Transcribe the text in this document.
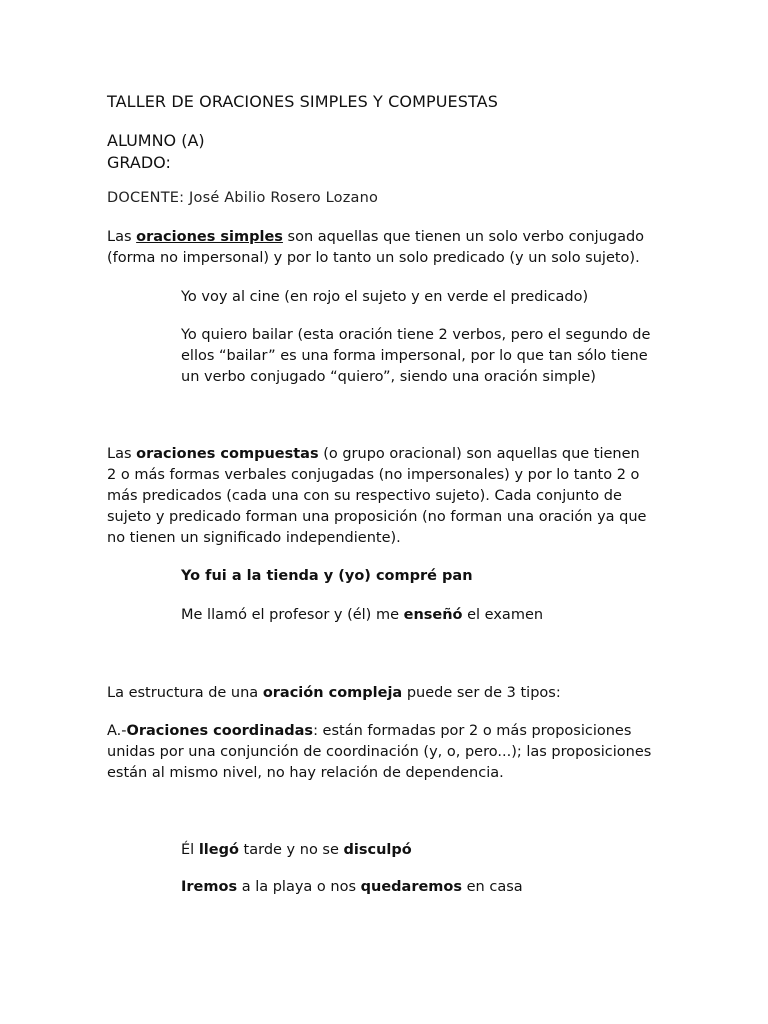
TALLER DE ORACIONES SIMPLES Y COMPUESTAS
ALUMNO (A)
GRADO:
DOCENTE: José Abilio Rosero Lozano

Las oraciones simples son aquellas que tienen un solo verbo conjugado (forma no impersonal) y por lo tanto un solo predicado (y un solo sujeto).

Yo voy al cine (en rojo el sujeto y en verde el predicado)

Yo quiero bailar (esta oración tiene 2 verbos, pero el segundo de ellos “bailar” es una forma impersonal, por lo que tan sólo tiene un verbo conjugado “quiero”, siendo una oración simple)

Las oraciones compuestas (o grupo oracional) son aquellas que tienen 2 o más formas verbales conjugadas (no impersonales) y por lo tanto 2 o más predicados (cada una con su respectivo sujeto). Cada conjunto de sujeto y predicado forman una proposición (no forman una oración ya que no tienen un significado independiente).

Yo fui a la tienda y (yo) compré pan

Me llamó el profesor y (él) me enseñó el examen

La estructura de una oración compleja puede ser de 3 tipos:

A.-Oraciones coordinadas: están formadas por 2 o más proposiciones unidas por una conjunción de coordinación (y, o, pero...); las proposiciones están al mismo nivel, no hay relación de dependencia.

Él llegó tarde y no se disculpó

Iremos a la playa o nos quedaremos en casa
